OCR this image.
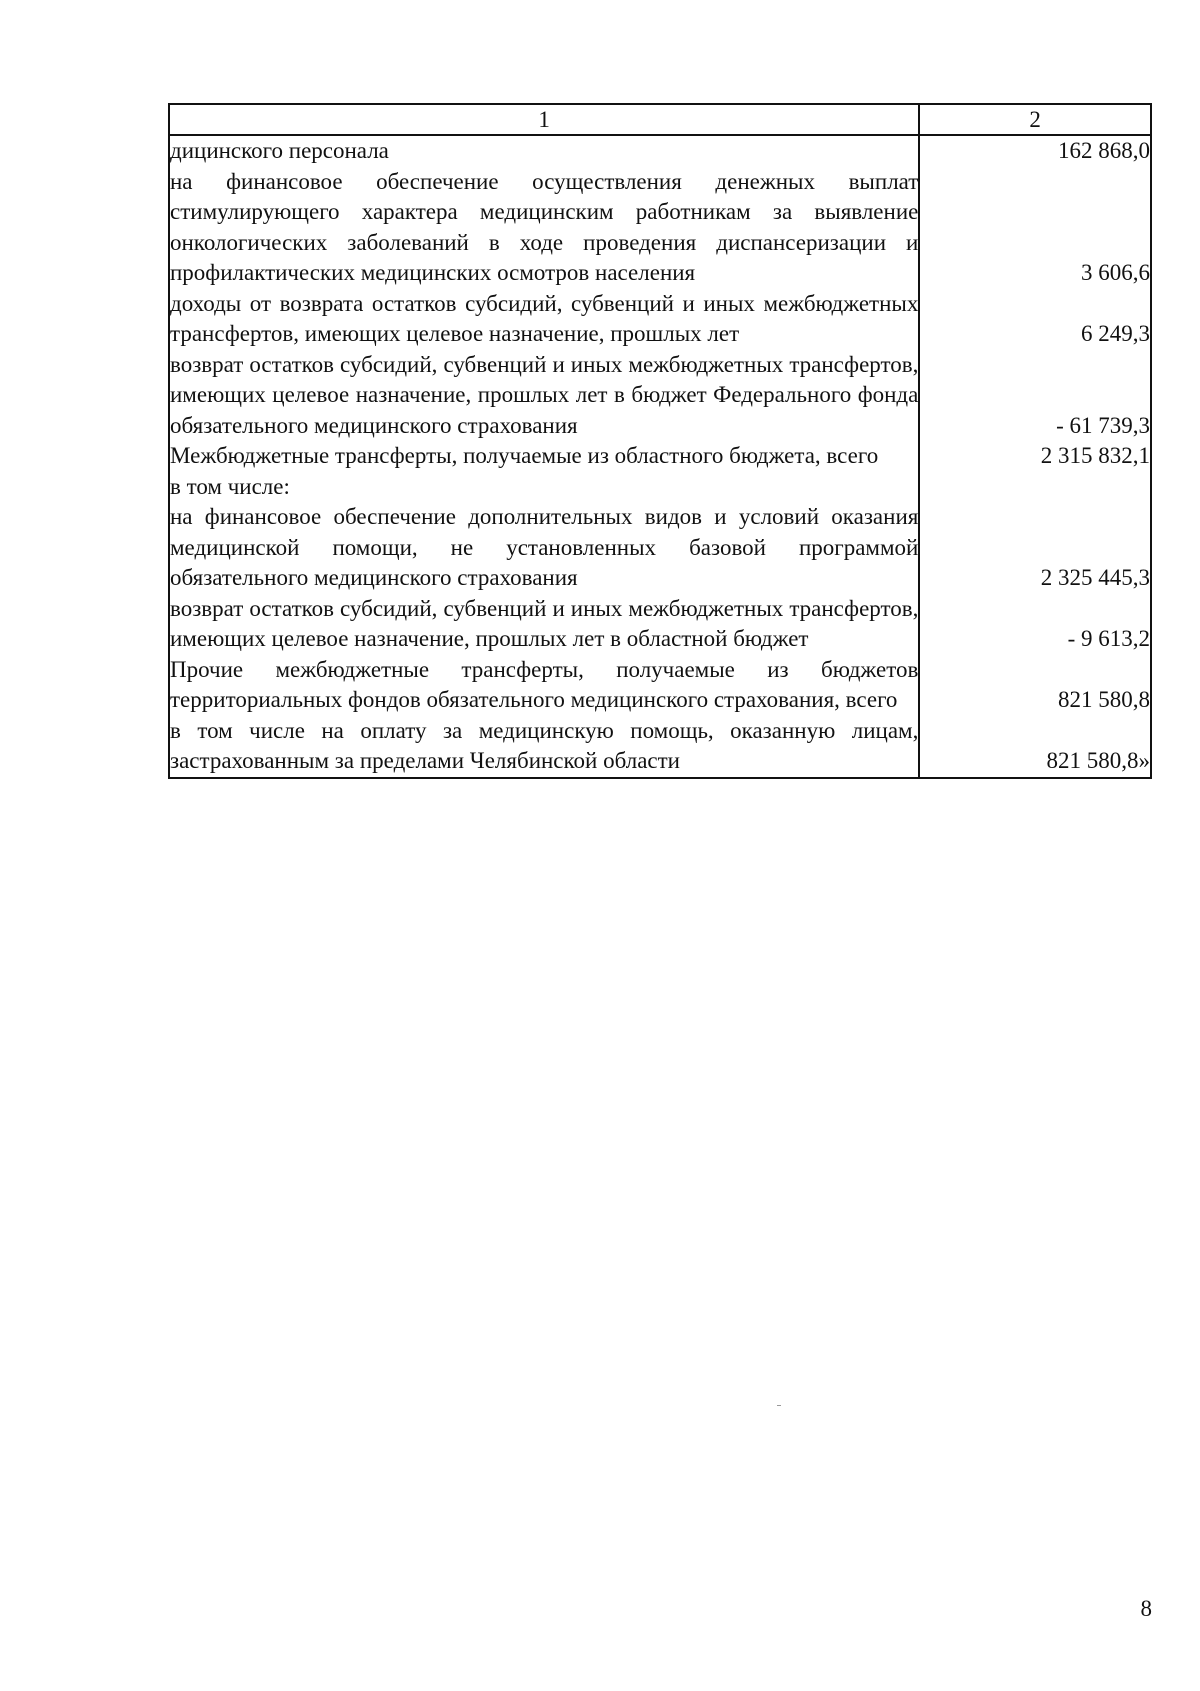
1	2
дицинского персонала	162 868,0
на финансовое обеспечение осуществления денежных выплат стимулирующего характера медицинским работникам за выявление онкологических заболеваний в ходе проведения диспансеризации и профилактических медицинских осмотров населения	3 606,6
доходы от возврата остатков субсидий, субвенций и иных межбюджетных трансфертов, имеющих целевое назначение, прошлых лет	6 249,3
возврат остатков субсидий, субвенций и иных межбюджетных трансфертов, имеющих целевое назначение, прошлых лет в бюджет Федерального фонда обязательного медицинского страхования	- 61 739,3
Межбюджетные трансферты, получаемые из областного бюджета, всего	2 315 832,1
в том числе:	
на финансовое обеспечение дополнительных видов и условий оказания медицинской помощи, не установленных базовой программой обязательного медицинского страхования	2 325 445,3
возврат остатков субсидий, субвенций и иных межбюджетных трансфертов, имеющих целевое назначение, прошлых лет в областной бюджет	- 9 613,2
Прочие межбюджетные трансферты, получаемые из бюджетов территориальных фондов обязательного медицинского страхования, всего	821 580,8
в том числе на оплату за медицинскую помощь, оказанную лицам, застрахованным за пределами Челябинской области	821 580,8»
8
